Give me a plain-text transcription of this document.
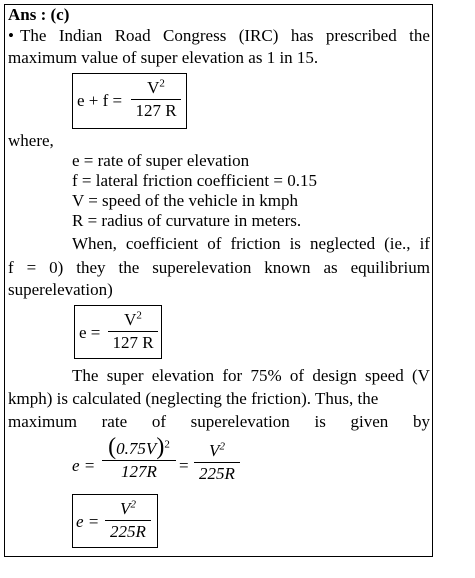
Ans : (c)
• The Indian Road Congress (IRC) has prescribed the
maximum value of super elevation as 1 in 15.
e + f =
$V^2$
127 R
where,
e = rate of super elevation
f = lateral friction coefficient = 0.15
V = speed of the vehicle in kmph
R = radius of curvature in meters.
When, coefficient of friction is neglected (ie., if
f = 0) they the superelevation known as equilibrium
superelevation)
e =
$V^2$
127 R
The super elevation for 75% of design speed (V
kmph) is calculated (neglecting the friction). Thus, the
maximum rate of superelevation is given by
e =
$(0.75V)^2$
127R =
$V^2$
225R
e =
$V^2$
225R
